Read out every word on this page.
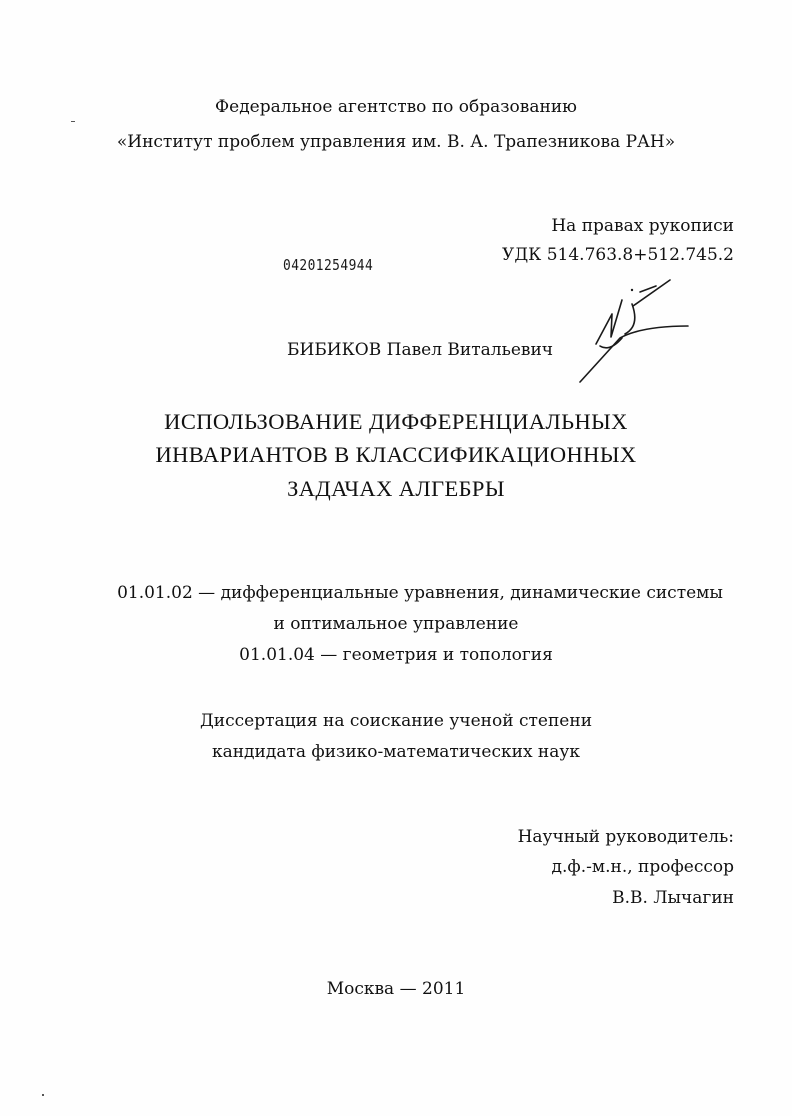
Федеральное агентство по образованию
«Институт проблем управления им. В. А. Трапезникова РАН»
На правах рукописи
УДК 514.763.8+512.745.2
04201254944
БИБИКОВ Павел Витальевич
ИСПОЛЬЗОВАНИЕ ДИФФЕРЕНЦИАЛЬНЫХ
ИНВАРИАНТОВ В КЛАССИФИКАЦИОННЫХ
ЗАДАЧАХ АЛГЕБРЫ
01.01.02 — дифференциальные уравнения, динамические системы
и оптимальное управление
01.01.04 — геометрия и топология
Диссертация на соискание ученой степени
кандидата физико-математических наук
Научный руководитель:
д.ф.-м.н., профессор
В.В. Лычагин
Москва — 2011
